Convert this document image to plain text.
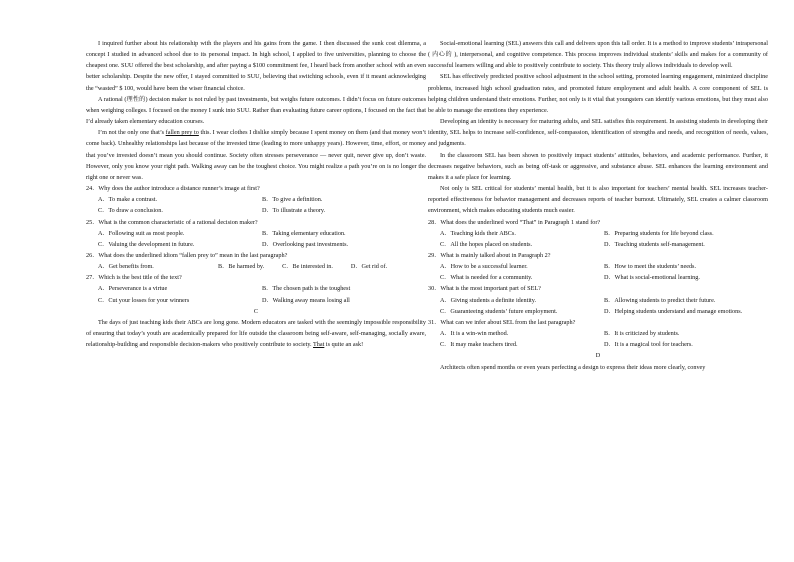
I inquired further about his relationship with the players and his gains from the game. I then discussed the sunk cost dilemma, a concept I studied in advanced school due to its personal impact. In high school, I applied to five universities, planning to choose the cheapest one. SUU offered the best scholarship, and after paying a $100 commitment fee, I heard back from another school with an even better scholarship. Despite the new offer, I stayed committed to SUU, believing that switching schools, even if it meant acknowledging the “wasted” $ 100, would have been the wiser financial choice.

A rational (理性的) decision maker is not ruled by past investments, but weighs future outcomes. I didn’t focus on future outcomes when weighing colleges. I focused on the money I sunk into SUU. Rather than evaluating future career options, I focused on the fact that I’d already taken elementary education courses.

I’m not the only one that’s fallen prey to this. I wear clothes I dislike simply because I spent money on them (and that money won’t come back). Unhealthy relationships last because of the invested time (leading to more unhappy years). However, time, effort, or money that you’ve invested doesn’t mean you should continue. Society often stresses perseverance — never quit, never give up, don’t waste. However, only you know your right path. Walking away can be the toughest choice. You might realize a path you’re on is no longer the right one or never was.

24．Why does the author introduce a distance runner’s image at first?
A．To make a contrast.	B．To give a definition.
C．To draw a conclusion.	D．To illustrate a theory.
25．What is the common characteristic of a rational decision maker?
A．Following suit as most people.	B．Taking elementary education.
C．Valuing the development in future.	D．Overlooking past investments.
26．What does the underlined idiom “fallen prey to” mean in the last paragraph?
A．Get benefits from.	B．Be harmed by.	C．Be interested in.	D．Get rid of.
27．Which is the best title of the text?
A．Perseverance is a virtue	B．The chosen path is the toughest
C．Cut your losses for your winners	D．Walking away means losing all
C

The days of just teaching kids their ABCs are long gone. Modern educators are tasked with the seemingly impossible responsibility of ensuring that today’s youth are academically prepared for life outside the classroom being self-aware, self-managing, socially aware, relationship-building and responsible decision-makers who positively contribute to society. That is quite an ask!

Social-emotional learning (SEL) answers this call and delivers upon this tall order. It is a method to improve students’ intrapersonal ( 内心的 ), interpersonal, and cognitive competence. This process improves individual students’ skills and makes for a community of successful learners willing and able to positively contribute to society. This theory truly allows individuals to develop well.

SEL has effectively predicted positive school adjustment in the school setting, promoted learning engagement, minimized discipline problems, increased high school graduation rates, and promoted future employment and adult health. A core component of SEL is helping children understand their emotions. Further, not only is it vital that youngsters can identify various emotions, but they must also be able to manage the emotions they experience.

Developing an identity is necessary for maturing adults, and SEL satisfies this requirement. In assisting students in developing their identity, SEL helps to increase self-confidence, self-compassion, identification of strengths and needs, and recognition of needs, values, and judgments.

In the classroom SEL has been shown to positively impact students’ attitudes, behaviors, and academic performance. Further, it decreases negative behaviors, such as being off-task or aggressive, and substance abuse. SEL enhances the learning environment and makes it a safe place for learning.

Not only is SEL critical for students’ mental health, but it is also important for teachers’ mental health. SEL increases teacher-reported effectiveness for behavior management and decreases reports of teacher burnout. Ultimately, SEL creates a calmer classroom environment, which makes educating students much easier.

28．What does the underlined word “That” in Paragraph 1 stand for?
A．Teaching kids their ABCs.	B．Preparing students for life beyond class.
C．All the hopes placed on students.	D．Teaching students self-management.
29．What is mainly talked about in Paragraph 2?
A．How to be a successful learner.	B．How to meet the students’ needs.
C．What is needed for a community.	D．What is social-emotional learning.
30．What is the most important part of SEL?
A．Giving students a definite identity.	B．Allowing students to predict their future.
C．Guaranteeing students’ future employment.	D．Helping students understand and manage emotions.
31．What can we infer about SEL from the last paragraph?
A．It is a win-win method.	B．It is criticized by students.
C．It may make teachers tired.	D．It is a magical tool for teachers.
D

Architects often spend months or even years perfecting a design to express their ideas more clearly, convey
